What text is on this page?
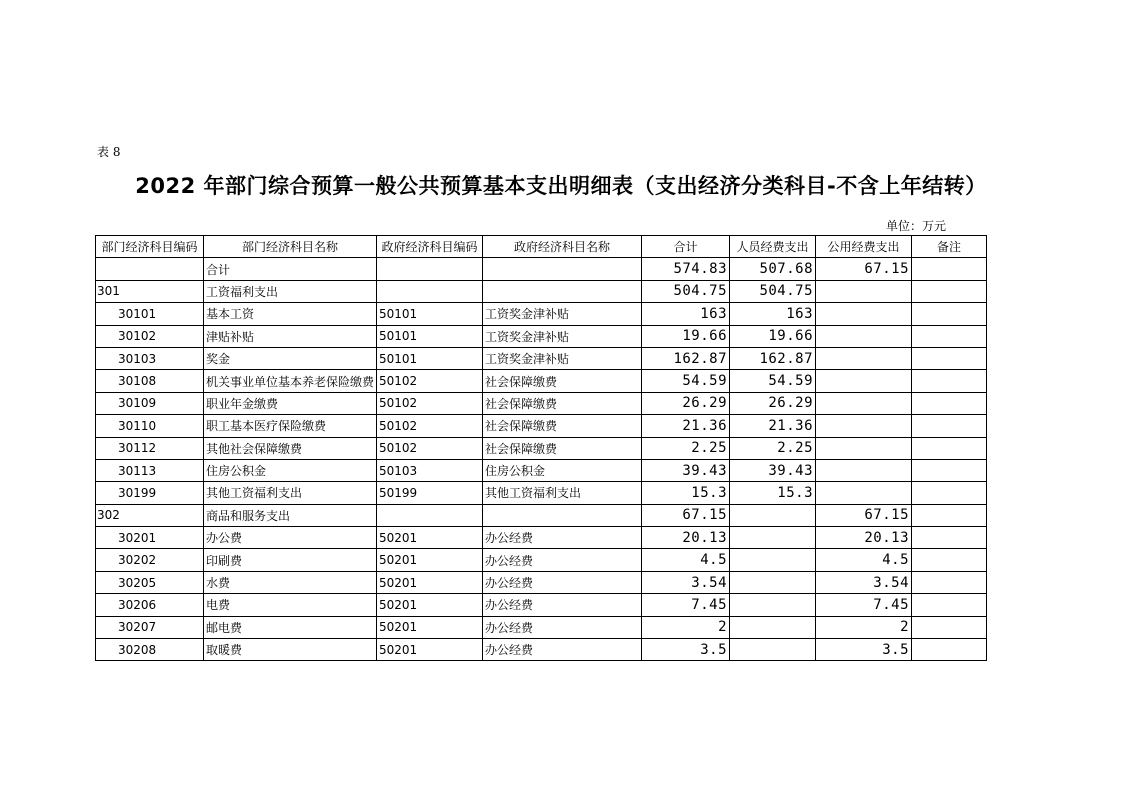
表 8
2022 年部门综合预算一般公共预算基本支出明细表（支出经济分类科目-不含上年结转）
单位：万元
部门经济科目编码	部门经济科目名称	政府经济科目编码	政府经济科目名称	合计	人员经费支出	公用经费支出	备注
	合计			574.83	507.68	67.15	
301	工资福利支出			504.75	504.75		
30101	基本工资	50101	工资奖金津补贴	163	163		
30102	津贴补贴	50101	工资奖金津补贴	19.66	19.66		
30103	奖金	50101	工资奖金津补贴	162.87	162.87		
30108	机关事业单位基本养老保险缴费	50102	社会保障缴费	54.59	54.59		
30109	职业年金缴费	50102	社会保障缴费	26.29	26.29		
30110	职工基本医疗保险缴费	50102	社会保障缴费	21.36	21.36		
30112	其他社会保障缴费	50102	社会保障缴费	2.25	2.25		
30113	住房公积金	50103	住房公积金	39.43	39.43		
30199	其他工资福利支出	50199	其他工资福利支出	15.3	15.3		
302	商品和服务支出			67.15		67.15	
30201	办公费	50201	办公经费	20.13		20.13	
30202	印刷费	50201	办公经费	4.5		4.5	
30205	水费	50201	办公经费	3.54		3.54	
30206	电费	50201	办公经费	7.45		7.45	
30207	邮电费	50201	办公经费	2		2	
30208	取暖费	50201	办公经费	3.5		3.5	
